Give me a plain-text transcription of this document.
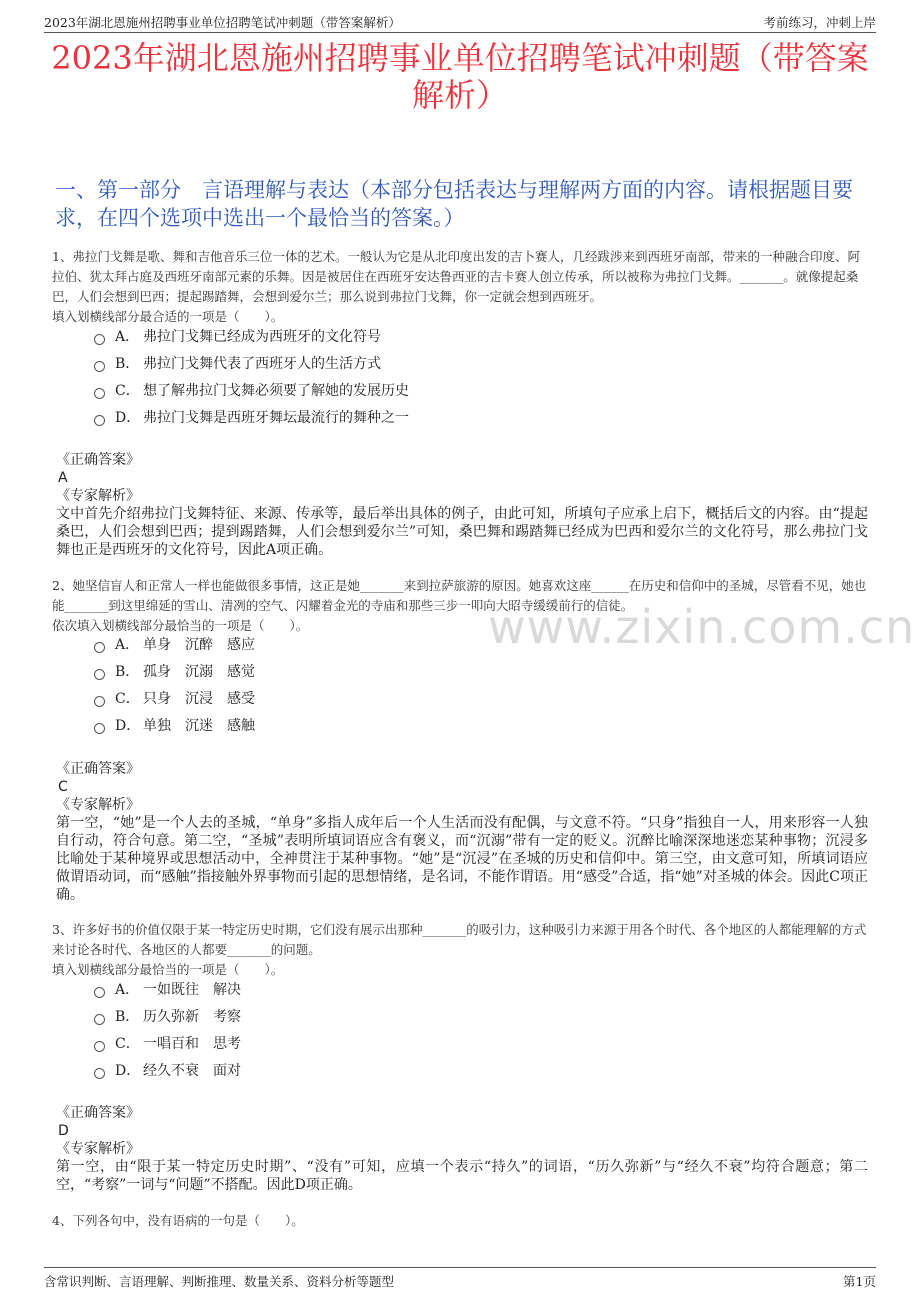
2023年湖北恩施州招聘事业单位招聘笔试冲刺题（带答案解析）	考前练习，冲刺上岸
2023年湖北恩施州招聘事业单位招聘笔试冲刺题（带答案解析）
一、第一部分　言语理解与表达（本部分包括表达与理解两方面的内容。请根据题目要求，在四个选项中选出一个最恰当的答案。）
www.zixin.com.cn
1、弗拉门戈舞是歌、舞和吉他音乐三位一体的艺术。一般认为它是从北印度出发的吉卜赛人，几经跋涉来到西班牙南部，带来的一种融合印度、阿拉伯、犹太拜占庭及西班牙南部元素的乐舞。因是被居住在西班牙安达鲁西亚的吉卡赛人创立传承，所以被称为弗拉门戈舞。_______。就像提起桑巴，人们会想到巴西；提起踢踏舞，会想到爱尔兰；那么说到弗拉门戈舞，你一定就会想到西班牙。
填入划横线部分最合适的一项是（　　）。
A． 弗拉门戈舞已经成为西班牙的文化符号
B． 弗拉门戈舞代表了西班牙人的生活方式
C． 想了解弗拉门戈舞必须要了解她的发展历史
D． 弗拉门戈舞是西班牙舞坛最流行的舞种之一
《正确答案》
A
《专家解析》
文中首先介绍弗拉门戈舞特征、来源、传承等，最后举出具体的例子，由此可知，所填句子应承上启下，概括后文的内容。由“提起桑巴，人们会想到巴西；提到踢踏舞，人们会想到爱尔兰”可知，桑巴舞和踢踏舞已经成为巴西和爱尔兰的文化符号，那么弗拉门戈舞也正是西班牙的文化符号，因此A项正确。
2、她坚信盲人和正常人一样也能做很多事情，这正是她_______来到拉萨旅游的原因。她喜欢这座______在历史和信仰中的圣城，尽管看不见，她也能_______到这里绵延的雪山、清冽的空气、闪耀着金光的寺庙和那些三步一叩向大昭寺缓缓前行的信徒。
依次填入划横线部分最恰当的一项是（　　）。
A． 单身　沉醉　感应
B． 孤身　沉溺　感觉
C． 只身　沉浸　感受
D． 单独　沉迷　感触
《正确答案》
C
《专家解析》
第一空，“她”是一个人去的圣城，“单身”多指人成年后一个人生活而没有配偶，与文意不符。“只身”指独自一人，用来形容一人独自行动，符合句意。第二空，“圣城”表明所填词语应含有褒义，而“沉溺”带有一定的贬义。沉醉比喻深深地迷恋某种事物；沉浸多比喻处于某种境界或思想活动中，全神贯注于某种事物。“她”是“沉浸”在圣城的历史和信仰中。第三空，由文意可知，所填词语应做谓语动词，而“感触”指接触外界事物而引起的思想情绪，是名词，不能作谓语。用“感受”合适，指“她”对圣城的体会。因此C项正确。
3、许多好书的价值仅限于某一特定历史时期，它们没有展示出那种_______的吸引力，这种吸引力来源于用各个时代、各个地区的人都能理解的方式来讨论各时代、各地区的人都要_______的问题。
填入划横线部分最恰当的一项是（　　）。
A． 一如既往　解决
B． 历久弥新　考察
C． 一唱百和　思考
D． 经久不衰　面对
《正确答案》
D
《专家解析》
第一空，由“限于某一特定历史时期”、“没有”可知，应填一个表示“持久”的词语，“历久弥新”与“经久不衰”均符合题意；第二空，“考察”一词与“问题”不搭配。因此D项正确。
4、下列各句中，没有语病的一句是（　　）。
含常识判断、言语理解、判断推理、数量关系、资料分析等题型	第1页
